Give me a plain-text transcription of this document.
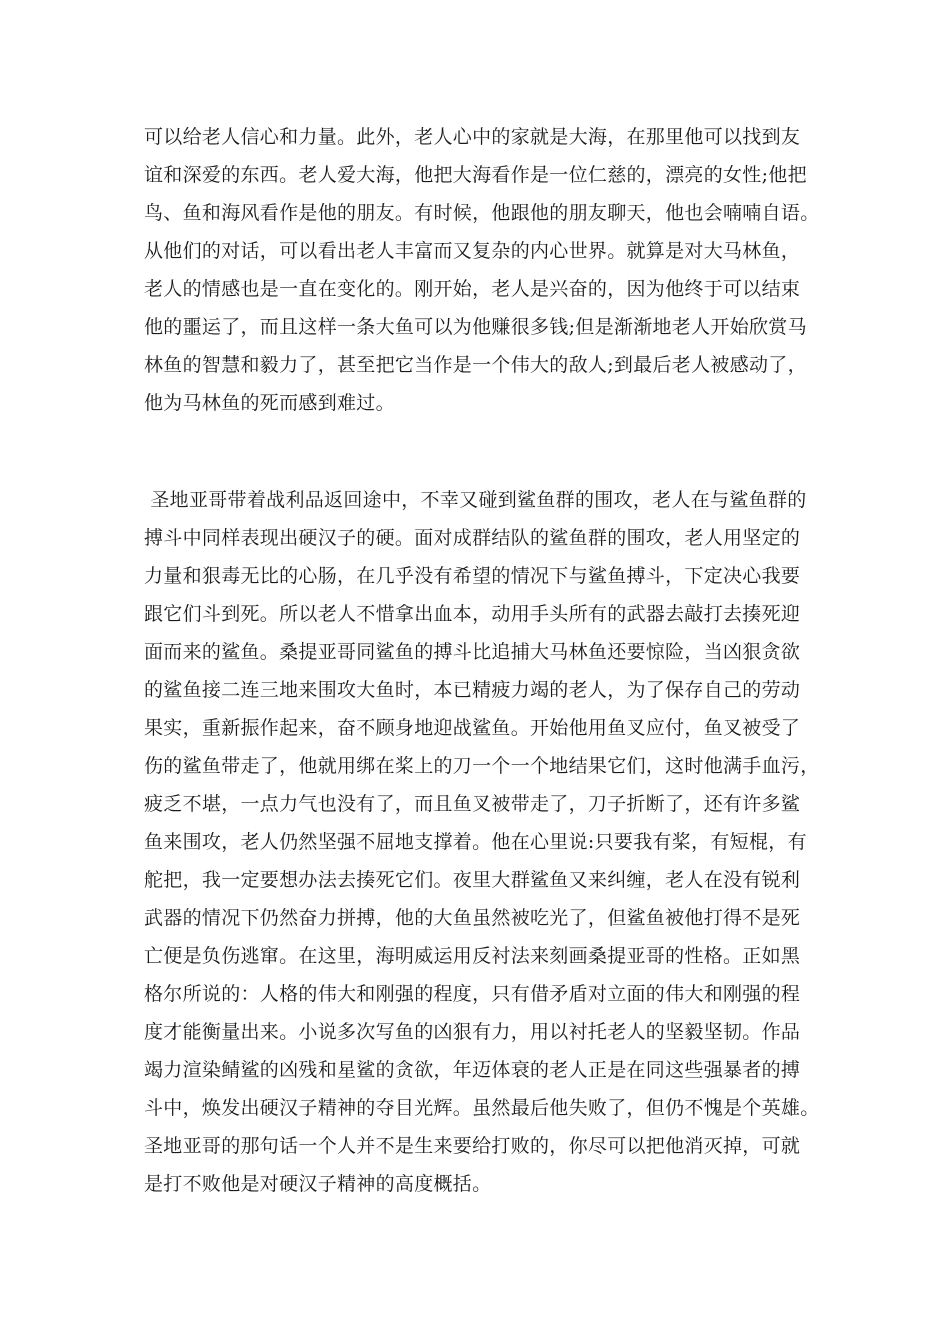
可以给老人信心和力量。此外，老人心中的家就是大海，在那里他可以找到友
谊和深爱的东西。老人爱大海，他把大海看作是一位仁慈的，漂亮的女性;他把
鸟、鱼和海风看作是他的朋友。有时候，他跟他的朋友聊天，他也会喃喃自语。
从他们的对话，可以看出老人丰富而又复杂的内心世界。就算是对大马林鱼，
老人的情感也是一直在变化的。刚开始，老人是兴奋的，因为他终于可以结束
他的噩运了，而且这样一条大鱼可以为他赚很多钱;但是渐渐地老人开始欣赏马
林鱼的智慧和毅力了，甚至把它当作是一个伟大的敌人;到最后老人被感动了，
他为马林鱼的死而感到难过。

圣地亚哥带着战利品返回途中，不幸又碰到鲨鱼群的围攻，老人在与鲨鱼群的
搏斗中同样表现出硬汉子的硬。面对成群结队的鲨鱼群的围攻，老人用坚定的
力量和狠毒无比的心肠，在几乎没有希望的情况下与鲨鱼搏斗，下定决心我要
跟它们斗到死。所以老人不惜拿出血本，动用手头所有的武器去敲打去揍死迎
面而来的鲨鱼。桑提亚哥同鲨鱼的搏斗比追捕大马林鱼还要惊险，当凶狠贪欲
的鲨鱼接二连三地来围攻大鱼时，本已精疲力竭的老人，为了保存自己的劳动
果实，重新振作起来，奋不顾身地迎战鲨鱼。开始他用鱼叉应付，鱼叉被受了
伤的鲨鱼带走了，他就用绑在桨上的刀一个一个地结果它们，这时他满手血污，
疲乏不堪，一点力气也没有了，而且鱼叉被带走了，刀子折断了，还有许多鲨
鱼来围攻，老人仍然坚强不屈地支撑着。他在心里说:只要我有桨，有短棍，有
舵把，我一定要想办法去揍死它们。夜里大群鲨鱼又来纠缠，老人在没有锐利
武器的情况下仍然奋力拼搏，他的大鱼虽然被吃光了，但鲨鱼被他打得不是死
亡便是负伤逃窜。在这里，海明威运用反衬法来刻画桑提亚哥的性格。正如黑
格尔所说的：人格的伟大和刚强的程度，只有借矛盾对立面的伟大和刚强的程
度才能衡量出来。小说多次写鱼的凶狠有力，用以衬托老人的坚毅坚韧。作品
竭力渲染鲭鲨的凶残和星鲨的贪欲，年迈体衰的老人正是在同这些强暴者的搏
斗中，焕发出硬汉子精神的夺目光辉。虽然最后他失败了，但仍不愧是个英雄。
圣地亚哥的那句话一个人并不是生来要给打败的，你尽可以把他消灭掉，可就
是打不败他是对硬汉子精神的高度概括。
